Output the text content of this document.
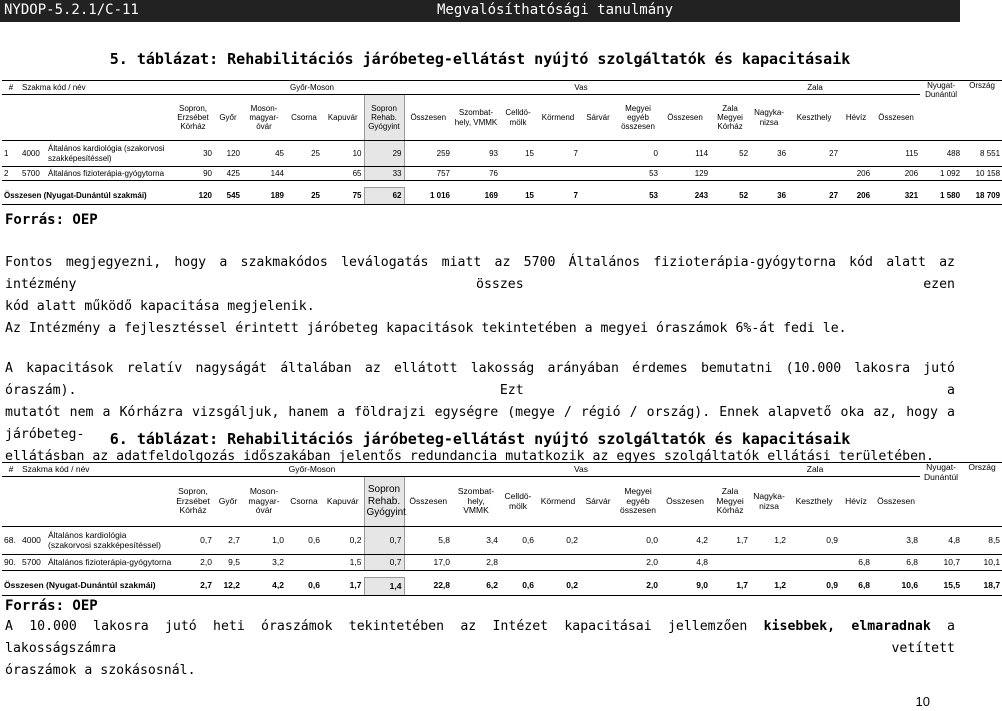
NYDOP-5.2.1/C-11	Megvalósíthatósági tanulmány
5. táblázat: Rehabilitációs járóbeteg-ellátást nyújtó szolgáltatók és kapacitásaik
#	Szakma kód / név		Győr-Moson							Vas						Zala					Nyugat-Dunántúl	Ország
			Sopron, Erzsébet Kórház	Győr	Moson-magyar-óvár	Csorna	Kapuvár	Sopron Rehab. Gyógyint	Összesen	Szombat-hely, VMMK	Celldö-mölk	Körmend	Sárvár	Megyei egyéb összesen	Összesen	Zala Megyei Kórház	Nagyka-nizsa	Keszthely	Hévíz	Összesen		
1	4000	Általános kardiológia (szakorvosi szakképesítéssel)	30	120	45	25	10	29	259	93	15	7		0	114	52	36	27		115	488	8 551
2	5700	Általános fizioterápia-gyógytorna	90	425	144		65	33	757	76				53	129				206	206	1 092	10 158

Összesen (Nyugat-Dunántúl szakmái)			120	545	189	25	75	62	1 016	169	15	7		53	243	52	36	27	206	321	1 580	18 709
Forrás: OEP

Fontos megjegyezni, hogy a szakmakódos leválogatás miatt az 5700 Általános fizioterápia-gyógytorna kód alatt az intézmény összes ezen

kód alatt működő kapacitása megjelenik.

Az Intézmény a fejlesztéssel érintett járóbeteg kapacitások tekintetében a megyei óraszámok 6%-át fedi le.

A kapacitások relatív nagyságát általában az ellátott lakosság arányában érdemes bemutatni (10.000 lakosra jutó óraszám). Ezt a

mutatót nem a Kórházra vizsgáljuk, hanem a földrajzi egységre (megye / régió / ország). Ennek alapvető oka az, hogy a járóbeteg-

ellátásban az adatfeldolgozás időszakában jelentős redundancia mutatkozik az egyes szolgáltatók ellátási területében.

6. táblázat: Rehabilitációs járóbeteg-ellátást nyújtó szolgáltatók és kapacitásaik
#	Szakma kód / név		Győr-Moson							Vas						Zala					Nyugat-Dunántúl	Ország
			Sopron, Erzsébet Kórház	Győr	Moson-magyar-óvár	Csorna	Kapuvár	Sopron Rehab. Gyógyint	Összesen	Szombat-hely, VMMK	Celldö-mölk	Körmend	Sárvár	Megyei egyéb összesen	Összesen	Zala Megyei Kórház	Nagyka-nizsa	Keszthely	Hévíz	Összesen		
68.	4000	Általános kardiológia (szakorvosi szakképesítéssel)	0,7	2,7	1,0	0,6	0,2	0,7	5,8	3,4	0,6	0,2		0,0	4,2	1,7	1,2	0,9		3,8	4,8	8,5
90.	5700	Általános fizioterápia-gyógytorna	2,0	9,5	3,2		1,5	0,7	17,0	2,8				2,0	4,8				6,8	6,8	10,7	10,1

Összesen (Nyugat-Dunántúl szakmái)			2,7	12,2	4,2	0,6	1,7	1,4	22,8	6,2	0,6	0,2		2,0	9,0	1,7	1,2	0,9	6,8	10,6	15,5	18,7
Forrás: OEP

A 10.000 lakosra jutó heti óraszámok tekintetében az Intézet kapacitásai jellemzően kisebbek, elmaradnak a lakosságszámra vetített

óraszámok a szokásosnál.

10
